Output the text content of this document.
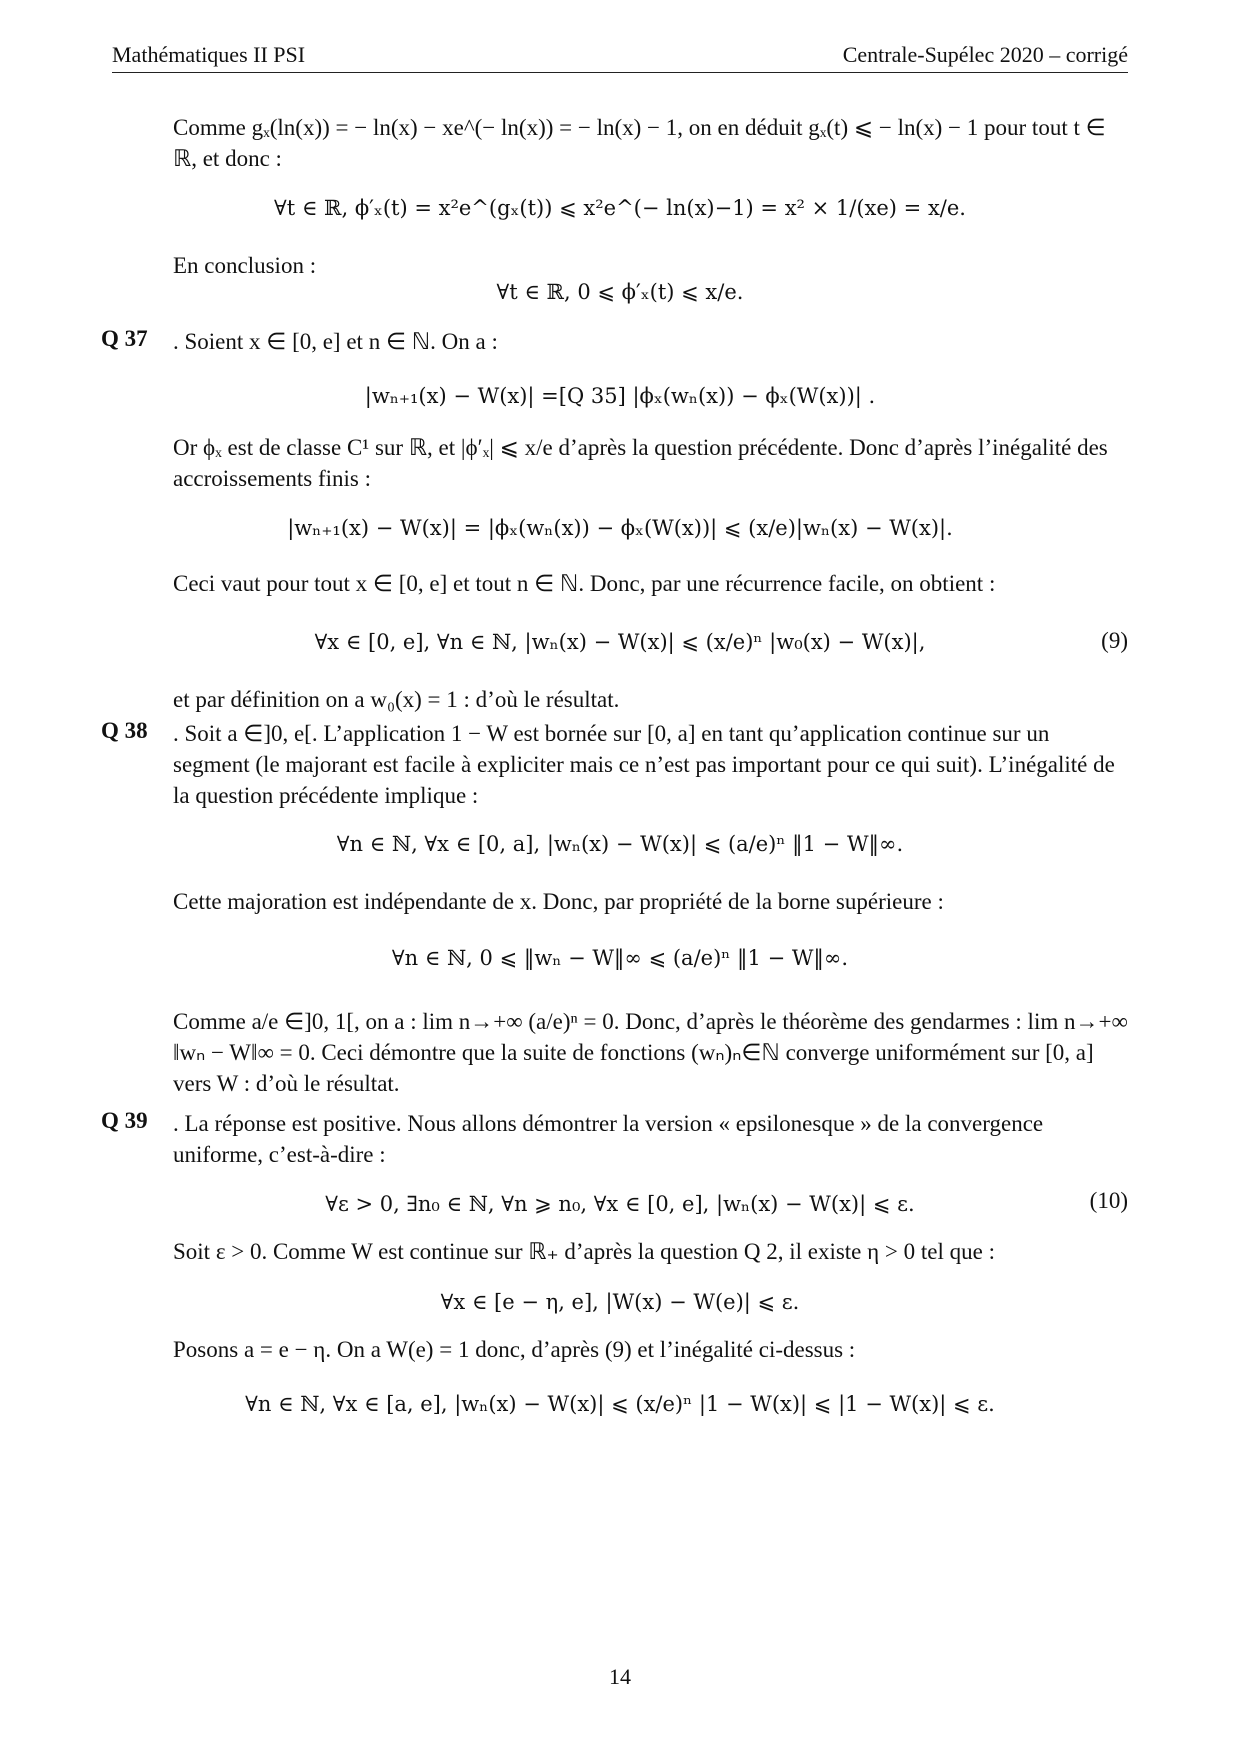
Mathématiques II PSI	Centrale-Supélec 2020 – corrigé
Comme gₓ(ln(x)) = − ln(x) − xe^(− ln(x)) = − ln(x) − 1, on en déduit gₓ(t) ⩽ − ln(x) − 1 pour tout t ∈ ℝ, et donc :
∀t ∈ ℝ, ϕ′ₓ(t) = x²e^(gₓ(t)) ⩽ x²e^(− ln(x)−1) = x² × 1/(xe) = x/e.
En conclusion :
∀t ∈ ℝ, 0 ⩽ ϕ′ₓ(t) ⩽ x/e.
Q 37 . Soient x ∈ [0, e] et n ∈ ℕ. On a :
|wₙ₊₁(x) − W(x)| =[Q 35] |ϕₓ(wₙ(x)) − ϕₓ(W(x))| .
Or ϕₓ est de classe C¹ sur ℝ, et |ϕ′ₓ| ⩽ x/e d’après la question précédente. Donc d’après l’inégalité des accroissements finis :
|wₙ₊₁(x) − W(x)| = |ϕₓ(wₙ(x)) − ϕₓ(W(x))| ⩽ (x/e)|wₙ(x) − W(x)|.
Ceci vaut pour tout x ∈ [0, e] et tout n ∈ ℕ. Donc, par une récurrence facile, on obtient :
∀x ∈ [0, e], ∀n ∈ ℕ, |wₙ(x) − W(x)| ⩽ (x/e)ⁿ |w₀(x) − W(x)|,	(9)
et par définition on a w₀(x) = 1 : d’où le résultat.
Q 38 . Soit a ∈]0, e[. L’application 1 − W est bornée sur [0, a] en tant qu’application continue sur un segment (le majorant est facile à expliciter mais ce n’est pas important pour ce qui suit). L’inégalité de la question précédente implique :
∀n ∈ ℕ, ∀x ∈ [0, a], |wₙ(x) − W(x)| ⩽ (a/e)ⁿ ‖1 − W‖∞.
Cette majoration est indépendante de x. Donc, par propriété de la borne supérieure :
∀n ∈ ℕ, 0 ⩽ ‖wₙ − W‖∞ ⩽ (a/e)ⁿ ‖1 − W‖∞.
Comme a/e ∈]0, 1[, on a : lim n→+∞ (a/e)ⁿ = 0. Donc, d’après le théorème des gendarmes : lim n→+∞ ‖wₙ − W‖∞ = 0. Ceci démontre que la suite de fonctions (wₙ)ₙ∈ℕ converge uniformément sur [0, a] vers W : d’où le résultat.
Q 39 . La réponse est positive. Nous allons démontrer la version « epsilonesque » de la convergence uniforme, c’est-à-dire :
∀ε > 0, ∃n₀ ∈ ℕ, ∀n ⩾ n₀, ∀x ∈ [0, e], |wₙ(x) − W(x)| ⩽ ε.	(10)
Soit ε > 0. Comme W est continue sur ℝ₊ d’après la question Q 2, il existe η > 0 tel que :
∀x ∈ [e − η, e], |W(x) − W(e)| ⩽ ε.
Posons a = e − η. On a W(e) = 1 donc, d’après (9) et l’inégalité ci-dessus :
∀n ∈ ℕ, ∀x ∈ [a, e], |wₙ(x) − W(x)| ⩽ (x/e)ⁿ |1 − W(x)| ⩽ |1 − W(x)| ⩽ ε.
14
